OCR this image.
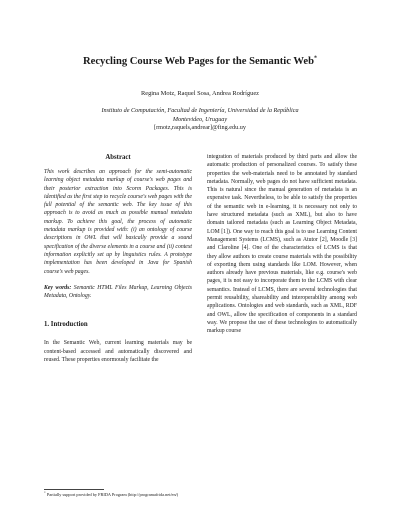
Recycling Course Web Pages for the Semantic Web*
Regina Motz, Raquel Sosa, Andrea Rodríguez
Instituto de Computación, Facultad de Ingeniería, Universidad de la República
Montevideo, Uruguay
[rmotz,raquels,andrear]@fing.edu.uy
Abstract

This work describes an approach for the semi-automatic learning object metadata markup of course's web pages and their posterior extraction into Scorm Packages. This is identified as the first step to recycle course's web pages with the full potential of the semantic web. The key issue of this approach is to avoid as much as possible manual metadata markup. To achieve this goal, the process of automatic metadata markup is provided with: (i) an ontology of course descriptions in OWL that will basically provide a sound specification of the diverse elements in a course and (ii) context information explicitly set up by linguistics rules. A prototype implementation has been developed in Java for Spanish course's web pages.

Key words: Semantic HTML Files Markup, Learning Objects Metadata, Ontology.

1. Introduction

In the Semantic Web, current learning materials may be content-based accessed and automatically discovered and reused. These properties enormously facilitate the

integration of materials produced by third parts and allow the automatic production of personalized courses. To satisfy these properties the web-materials need to be annotated by standard metadata. Normally, web pages do not have sufficient metadata. This is natural since the manual generation of metadata is an expensive task. Nevertheless, to be able to satisfy the properties of the semantic web in e-learning, it is necessary not only to have structured metadata (such as XML), but also to have domain tailored metadata (such as Learning Object Metadata, LOM [1]). One way to reach this goal is to use Learning Content Management Systems (LCMS), such as Atutor [2], Moodle [3] and Claroline [4]. One of the characteristics of LCMS is that they allow authors to create course materials with the possibility of exporting them using standards like LOM. However, when authors already have previous materials, like e.g. course's web pages, it is not easy to incorporate them to the LCMS with clear semantics. Instead of LCMS, there are several technologies that permit reusability, shareability and interoperability among web applications. Ontologies and web standards, such as XML, RDF and OWL, allow the specification of components in a standard way. We propose the use of these technologies to automatically markup course

* Partially support provided by FRIDA Program (http://programafrida.net/en/)
